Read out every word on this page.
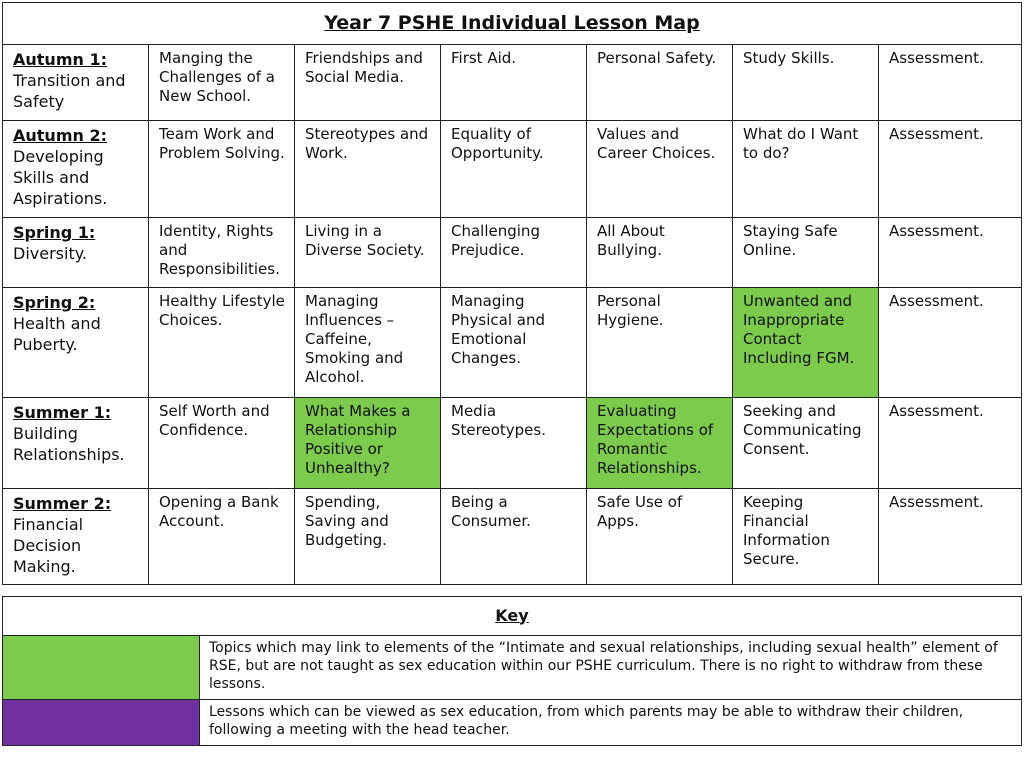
Year 7 PSHE Individual Lesson Map						

Autumn 1:
Transition and Safety	Manging the Challenges of a New School.	Friendships and Social Media.	First Aid.	Personal Safety.	Study Skills.	Assessment.

Autumn 2:
Developing Skills and Aspirations.	Team Work and Problem Solving.	Stereotypes and Work.	Equality of Opportunity.	Values and Career Choices.	What do I Want to do?	Assessment.

Spring 1:
Diversity.	Identity, Rights and Responsibilities.	Living in a Diverse Society.	Challenging Prejudice.	All About Bullying.	Staying Safe Online.	Assessment.

Spring 2:
Health and Puberty.	Healthy Lifestyle Choices.	Managing Influences – Caffeine, Smoking and Alcohol.	Managing Physical and Emotional Changes.	Personal Hygiene.	Unwanted and Inappropriate Contact Including FGM.	Assessment.

Summer 1:
Building Relationships.	Self Worth and Confidence.	What Makes a Relationship Positive or Unhealthy?	Media Stereotypes.	Evaluating Expectations of Romantic Relationships.	Seeking and Communicating Consent.	Assessment.

Summer 2:
Financial Decision Making.	Opening a Bank Account.	Spending, Saving and Budgeting.	Being a Consumer.	Safe Use of Apps.	Keeping Financial Information Secure.	Assessment.
Key	
	Topics which may link to elements of the “Intimate and sexual relationships, including sexual health” element of RSE, but are not taught as sex education within our PSHE curriculum. There is no right to withdraw from these lessons.
	Lessons which can be viewed as sex education, from which parents may be able to withdraw their children, following a meeting with the head teacher.
